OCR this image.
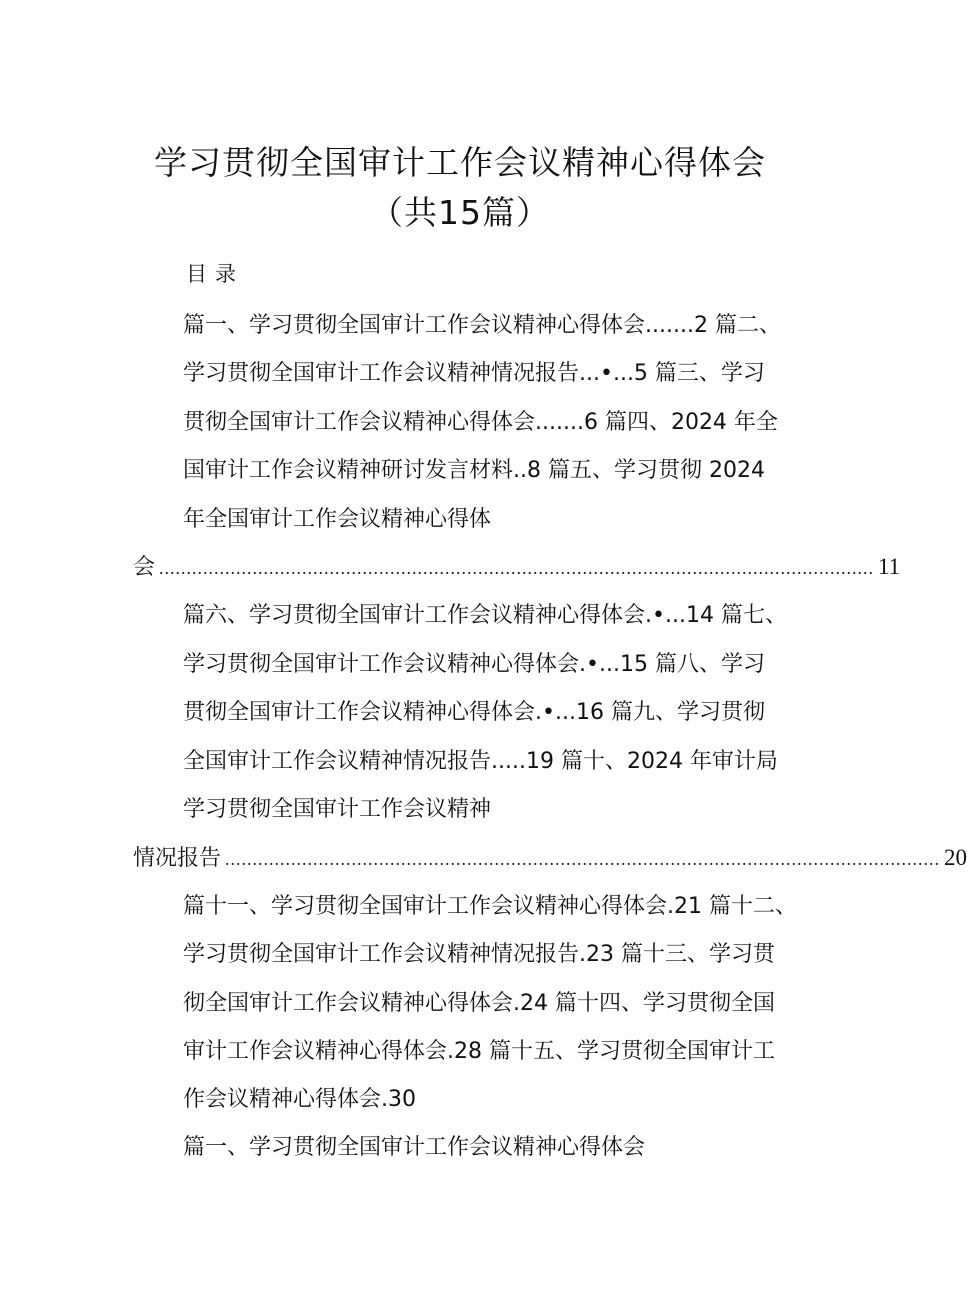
学习贯彻全国审计工作会议精神心得体会
（共15篇）
目录
篇一、学习贯彻全国审计工作会议精神心得体会.......2 篇二、
学习贯彻全国审计工作会议精神情况报告...•...5 篇三、学习
贯彻全国审计工作会议精神心得体会.......6 篇四、2024 年全
国审计工作会议精神研讨发言材料..8 篇五、学习贯彻 2024
年全国审计工作会议精神心得体
会 .................................................................................................................................. 11
篇六、学习贯彻全国审计工作会议精神心得体会.•...14 篇七、
学习贯彻全国审计工作会议精神心得体会.•...15 篇八、学习
贯彻全国审计工作会议精神心得体会.•...16 篇九、学习贯彻
全国审计工作会议精神情况报告.....19 篇十、2024 年审计局
学习贯彻全国审计工作会议精神
情况报告 .................................................................................................................................. 20
篇十一、学习贯彻全国审计工作会议精神心得体会.21 篇十二、
学习贯彻全国审计工作会议精神情况报告.23 篇十三、学习贯
彻全国审计工作会议精神心得体会.24 篇十四、学习贯彻全国
审计工作会议精神心得体会.28 篇十五、学习贯彻全国审计工
作会议精神心得体会.30
篇一、学习贯彻全国审计工作会议精神心得体会
